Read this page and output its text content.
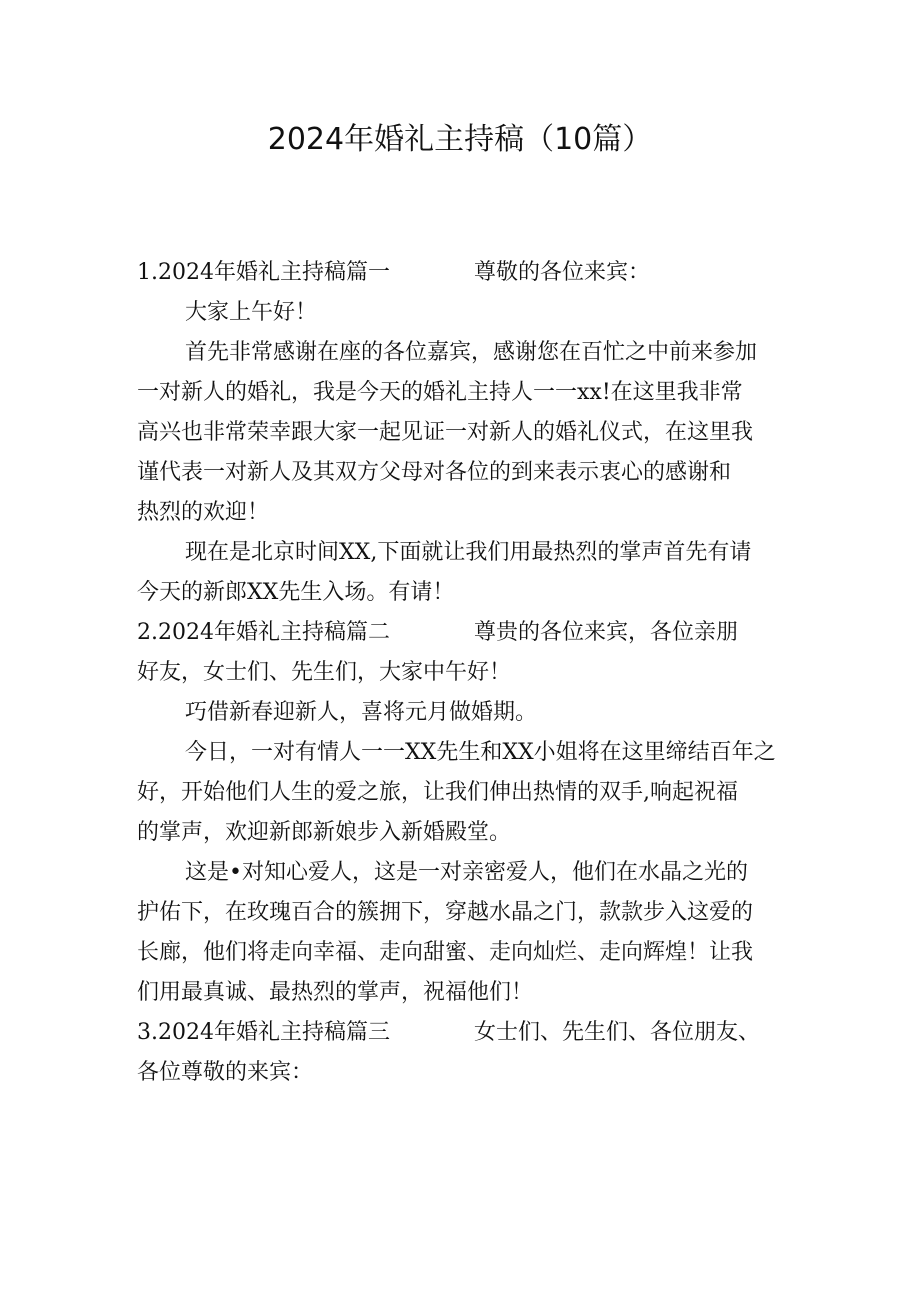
2024年婚礼主持稿（10篇）
1.2024年婚礼主持稿篇一	尊敬的各位来宾：
大家上午好！
首先非常感谢在座的各位嘉宾，感谢您在百忙之中前来参加
一对新人的婚礼，我是今天的婚礼主持人一一xx!在这里我非常
高兴也非常荣幸跟大家一起见证一对新人的婚礼仪式，在这里我
谨代表一对新人及其双方父母对各位的到来表示衷心的感谢和
热烈的欢迎！
现在是北京时间XX,下面就让我们用最热烈的掌声首先有请
今天的新郎XX先生入场。有请！
2.2024年婚礼主持稿篇二	尊贵的各位来宾，各位亲朋
好友，女士们、先生们，大家中午好！
巧借新春迎新人，喜将元月做婚期。
今日，一对有情人一一XX先生和XX小姐将在这里缔结百年之
好，开始他们人生的爱之旅，让我们伸出热情的双手,响起祝福
的掌声，欢迎新郎新娘步入新婚殿堂。
这是•对知心爱人，这是一对亲密爱人，他们在水晶之光的
护佑下，在玫瑰百合的簇拥下，穿越水晶之门，款款步入这爱的
长廊，他们将走向幸福、走向甜蜜、走向灿烂、走向辉煌！让我
们用最真诚、最热烈的掌声，祝福他们！
3.2024年婚礼主持稿篇三	女士们、先生们、各位朋友、
各位尊敬的来宾：
